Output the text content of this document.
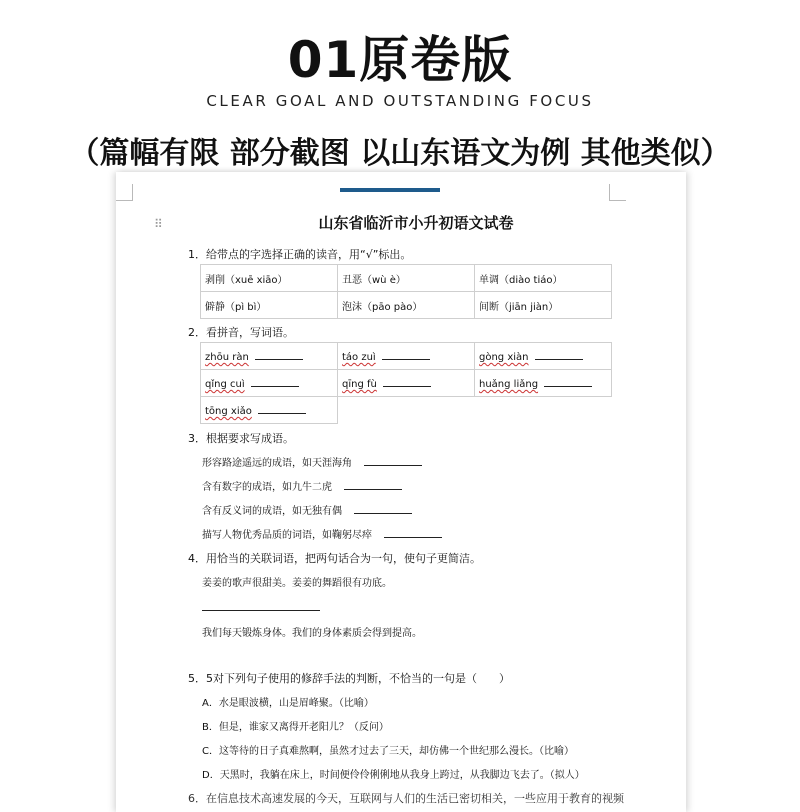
01原卷版
CLEAR GOAL AND OUTSTANDING FOCUS
（篇幅有限 部分截图 以山东语文为例 其他类似）
⠿	山东省临沂市小升初语文试卷
1．给带点的字选择正确的读音，用“√”标出。
剥削（xuē xiāo）	丑恶（wù è）	单调（diào tiáo）
僻静（pì bì）	泡沫（pāo pào）	间断（jiān jiàn）
2．看拼音，写词语。
zhōu ràn	táo zuì	gòng xiàn
qǐng cuì	qīng fù	huǎng liǎng
tōng xiǎo		
3．根据要求写成语。
形容路途遥远的成语，如天涯海角
含有数字的成语，如九牛二虎
含有反义词的成语，如无独有偶
描写人物优秀品质的词语，如鞠躬尽瘁
4．用恰当的关联词语，把两句话合为一句，使句子更简洁。
姜姜的歌声很甜美。姜姜的舞蹈很有功底。
我们每天锻炼身体。我们的身体素质会得到提高。
5．5对下列句子使用的修辞手法的判断，不恰当的一句是（　　）
A．水是眼波横，山是眉峰聚。（比喻）
B．但是，谁家又离得开老阳儿？（反问）
C．这等待的日子真难熬啊，虽然才过去了三天，却仿佛一个世纪那么漫长。（比喻）
D．天黑时，我躺在床上，时间便伶伶俐俐地从我身上跨过，从我脚边飞去了。（拟人）
6．在信息技术高速发展的今天，互联网与人们的生活已密切相关，一些应用于教育的视频
